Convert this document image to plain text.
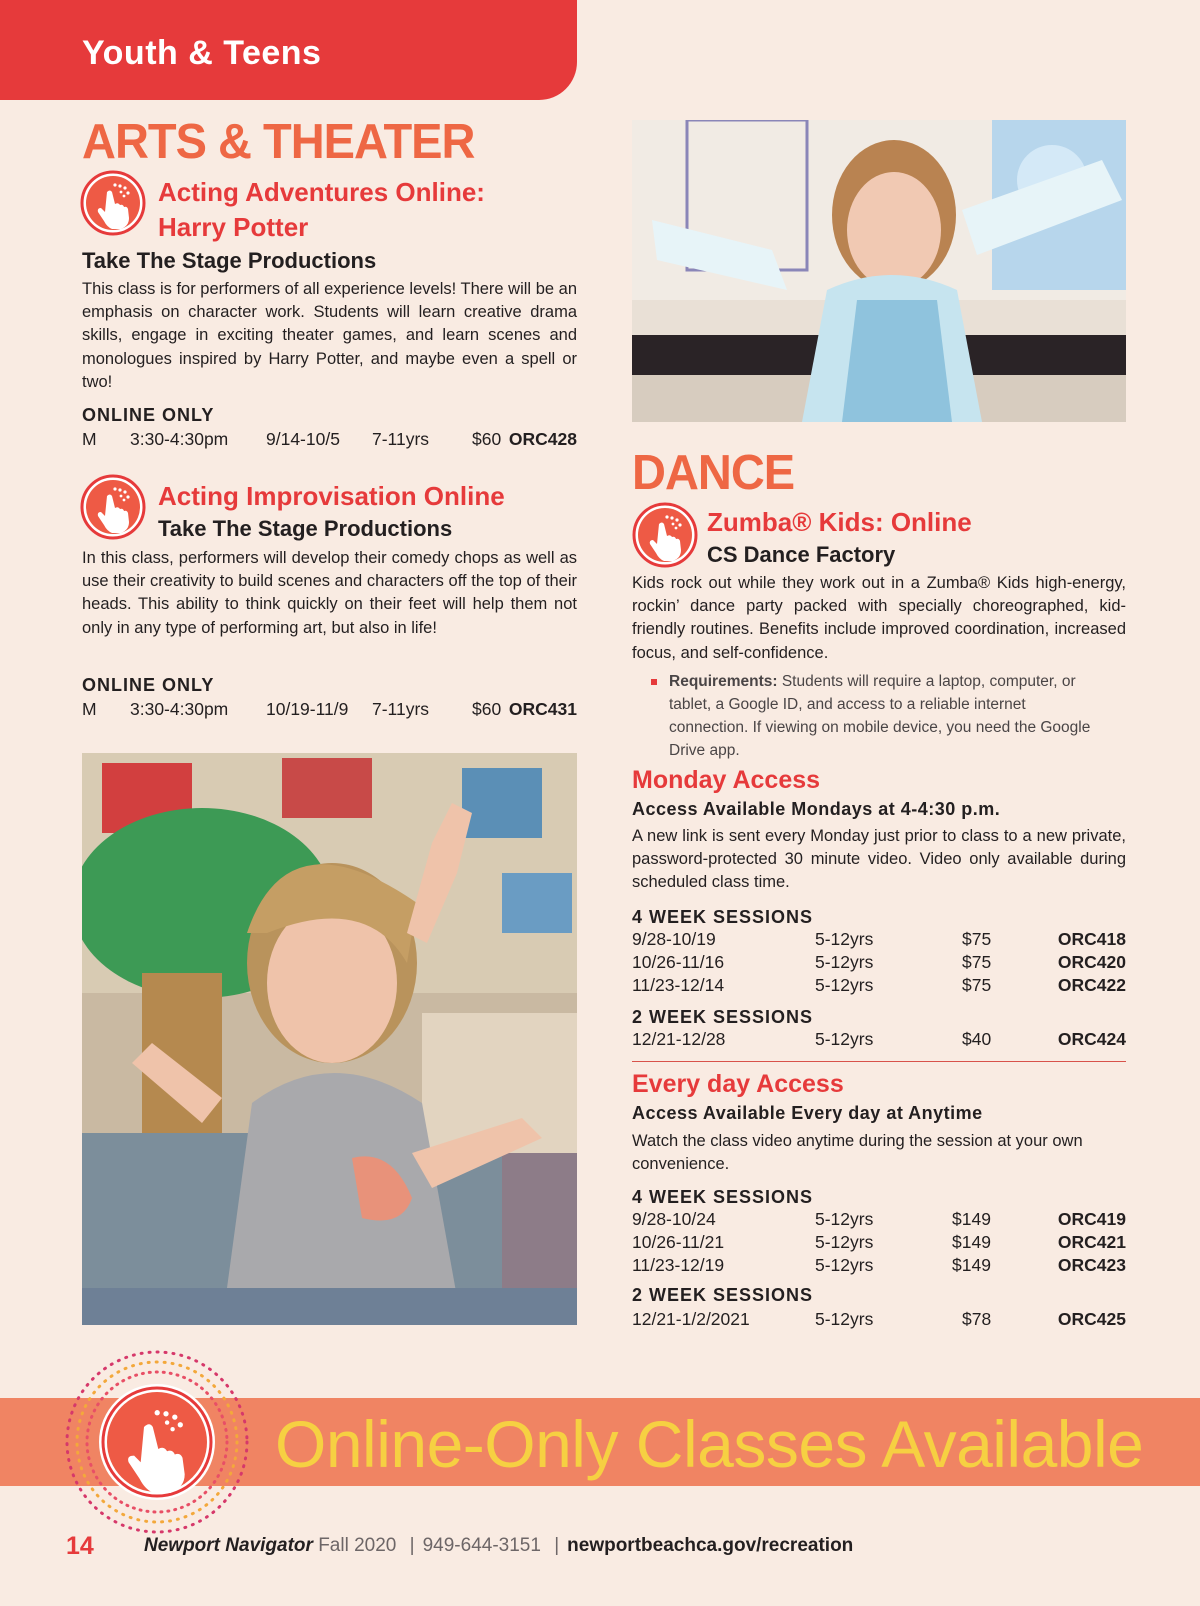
Youth & Teens
ARTS & THEATER
Acting Adventures Online:
Harry Potter
Take The Stage Productions
This class is for performers of all experience levels! There will be an emphasis on character work. Students will learn creative drama skills, engage in exciting theater games, and learn scenes and monologues inspired by Harry Potter, and maybe even a spell or two!
ONLINE ONLY
M 3:30-4:30pm 9/14-10/5 7-11yrs $60 ORC428
Acting Improvisation Online
Take The Stage Productions
In this class, performers will develop their comedy chops as well as use their creativity to build scenes and characters off the top of their heads. This ability to think quickly on their feet will help them not only in any type of performing art, but also in life!
ONLINE ONLY
M 3:30-4:30pm 10/19-11/9 7-11yrs $60 ORC431
DANCE
Zumba® Kids: Online
CS Dance Factory
Kids rock out while they work out in a Zumba® Kids high-energy, rockin’ dance party packed with specially choreographed, kid-friendly routines. Benefits include improved coordination, increased focus, and self-confidence.
Requirements: Students will require a laptop, computer, or tablet, a Google ID, and access to a reliable internet connection. If viewing on mobile device, you need the Google Drive app.
Monday Access
Access Available Mondays at 4-4:30 p.m.
A new link is sent every Monday just prior to class to a new private, password-protected 30 minute video. Video only available during scheduled class time.
4 WEEK SESSIONS
9/28-10/19	5-12yrs	$75	ORC418
10/26-11/16	5-12yrs	$75	ORC420
11/23-12/14	5-12yrs	$75	ORC422
2 WEEK SESSIONS
12/21-12/28	5-12yrs	$40	ORC424
Every day Access
Access Available Every day at Anytime
Watch the class video anytime during the session at your own convenience.
4 WEEK SESSIONS
9/28-10/24	5-12yrs	$149	ORC419
10/26-11/21	5-12yrs	$149	ORC421
11/23-12/19	5-12yrs	$149	ORC423
2 WEEK SESSIONS
12/21-1/2/2021	5-12yrs	$78	ORC425
Online-Only Classes Available
14	Newport Navigator Fall 2020 | 949-644-3151 | newportbeachca.gov/recreation
